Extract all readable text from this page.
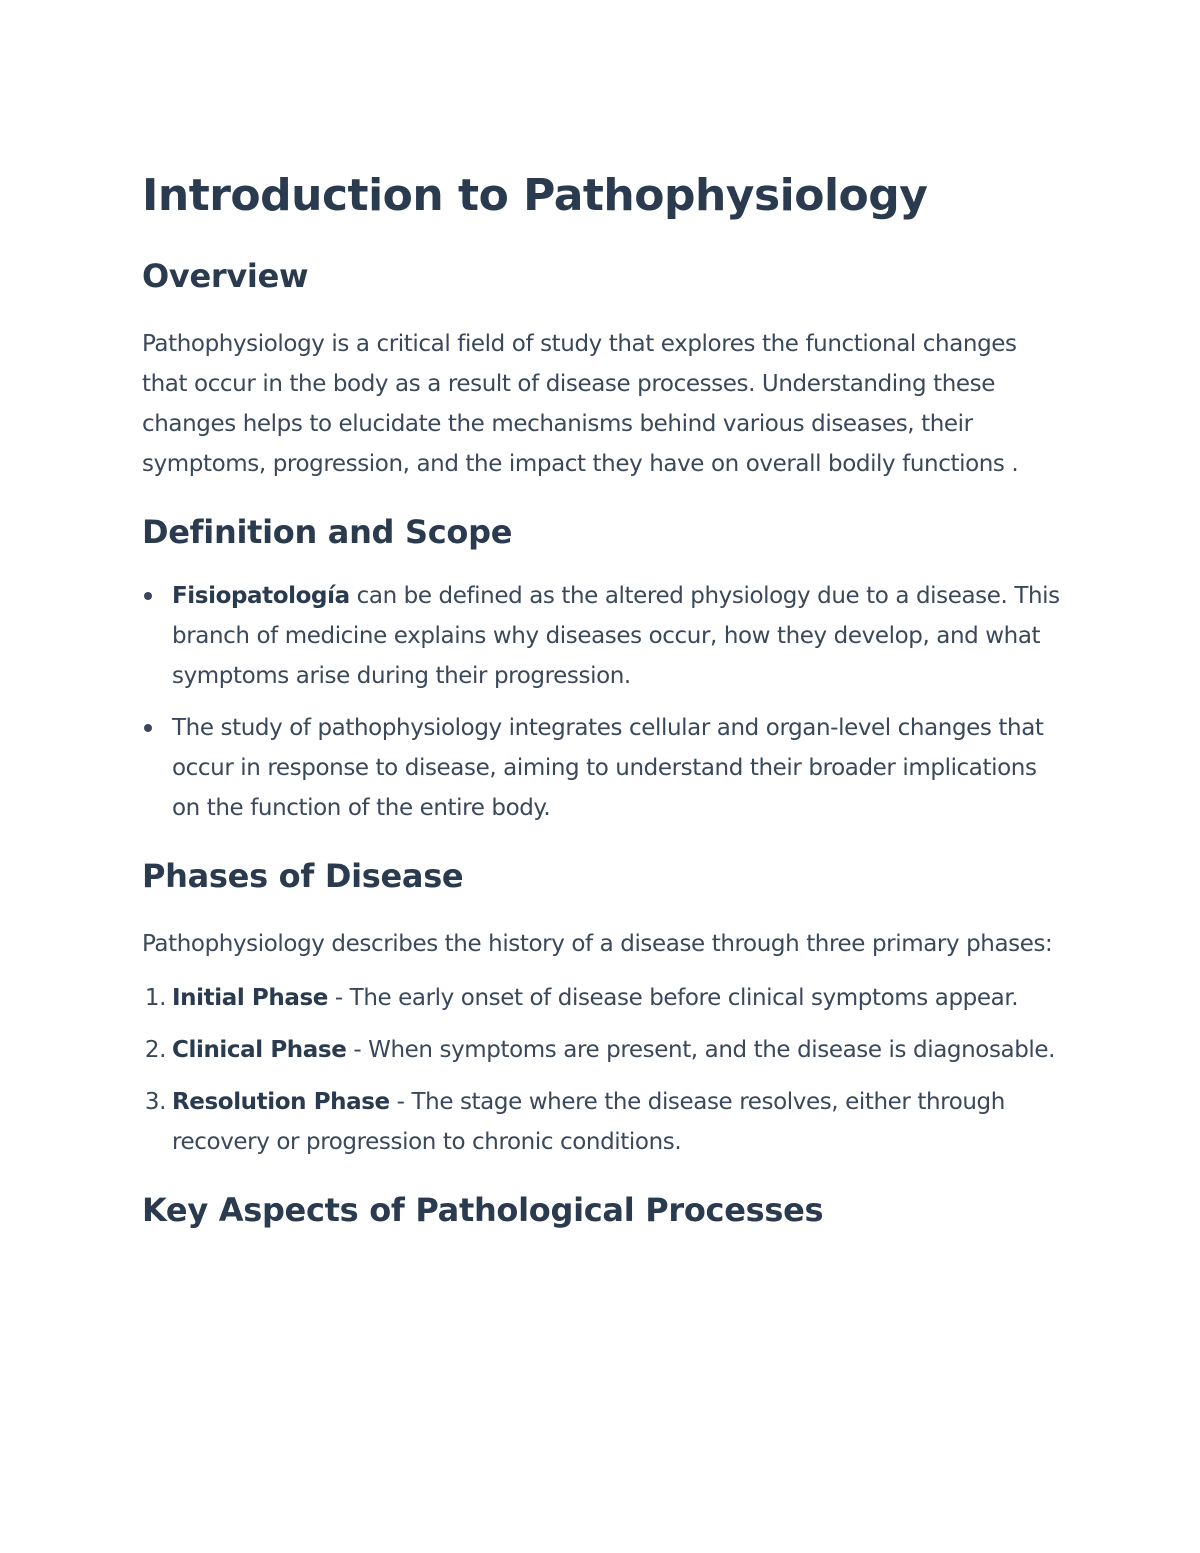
Introduction to Pathophysiology
Overview

Pathophysiology is a critical field of study that explores the functional changes that occur in the body as a result of disease processes. Understanding these changes helps to elucidate the mechanisms behind various diseases, their symptoms, progression, and the impact they have on overall bodily functions .

Definition and Scope
Fisiopatología can be defined as the altered physiology due to a disease. This branch of medicine explains why diseases occur, how they develop, and what symptoms arise during their progression.
The study of pathophysiology integrates cellular and organ-level changes that occur in response to disease, aiming to understand their broader implications on the function of the entire body.
Phases of Disease

Pathophysiology describes the history of a disease through three primary phases:

1. Initial Phase - The early onset of disease before clinical symptoms appear.
2. Clinical Phase - When symptoms are present, and the disease is diagnosable.
3. Resolution Phase - The stage where the disease resolves, either through recovery or progression to chronic conditions.
Key Aspects of Pathological Processes
